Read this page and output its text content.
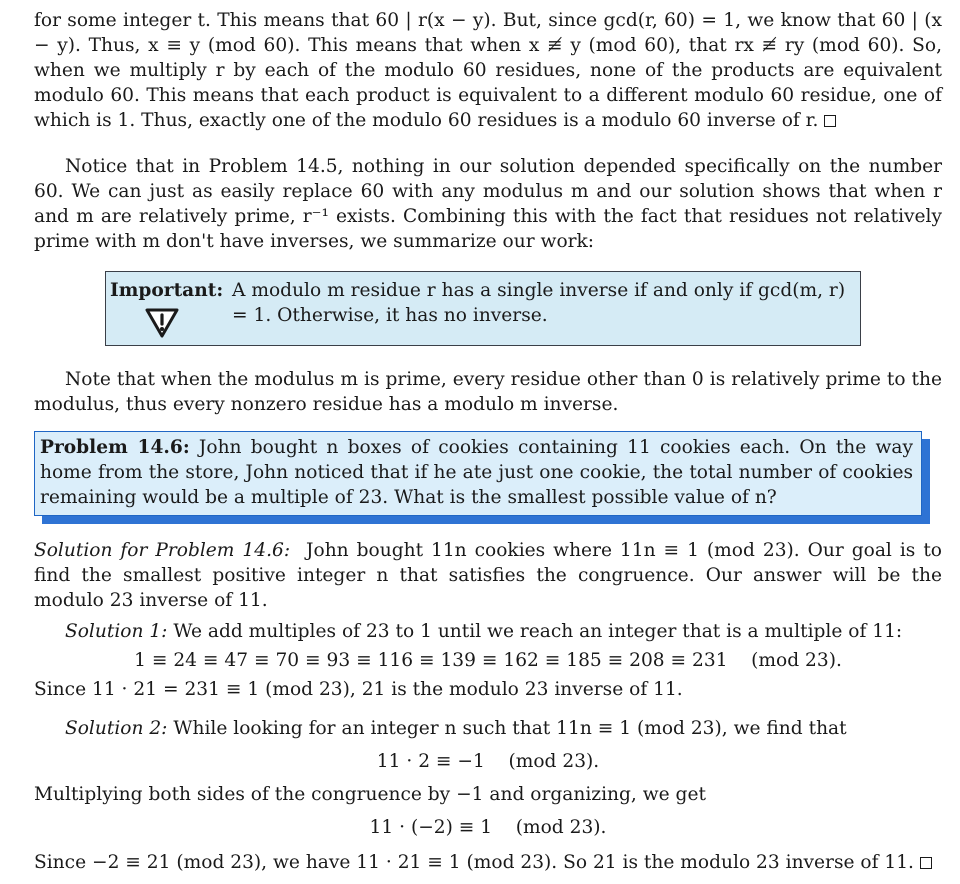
for some integer t. This means that 60 | r(x − y). But, since gcd(r, 60) = 1, we know that 60 | (x − y). Thus, x ≡ y (mod 60). This means that when x ≢ y (mod 60), that rx ≢ ry (mod 60). So, when we multiply r by each of the modulo 60 residues, none of the products are equivalent modulo 60. This means that each product is equivalent to a different modulo 60 residue, one of which is 1. Thus, exactly one of the modulo 60 residues is a modulo 60 inverse of r.

Notice that in Problem 14.5, nothing in our solution depended specifically on the number 60. We can just as easily replace 60 with any modulus m and our solution shows that when r and m are relatively prime, r⁻¹ exists. Combining this with the fact that residues not relatively prime with m don't have inverses, we summarize our work:

Important: A modulo m residue r has a single inverse if and only if gcd(m, r) = 1. Otherwise, it has no inverse.

Note that when the modulus m is prime, every residue other than 0 is relatively prime to the modulus, thus every nonzero residue has a modulo m inverse.

Problem 14.6: John bought n boxes of cookies containing 11 cookies each. On the way home from the store, John noticed that if he ate just one cookie, the total number of cookies remaining would be a multiple of 23. What is the smallest possible value of n?

Solution for Problem 14.6: John bought 11n cookies where 11n ≡ 1 (mod 23). Our goal is to find the smallest positive integer n that satisfies the congruence. Our answer will be the modulo 23 inverse of 11.

Solution 1: We add multiples of 23 to 1 until we reach an integer that is a multiple of 11:

1 ≡ 24 ≡ 47 ≡ 70 ≡ 93 ≡ 116 ≡ 139 ≡ 162 ≡ 185 ≡ 208 ≡ 231    (mod 23).

Since 11 · 21 = 231 ≡ 1 (mod 23), 21 is the modulo 23 inverse of 11.

Solution 2: While looking for an integer n such that 11n ≡ 1 (mod 23), we find that

11 · 2 ≡ −1    (mod 23).

Multiplying both sides of the congruence by −1 and organizing, we get

11 · (−2) ≡ 1    (mod 23).

Since −2 ≡ 21 (mod 23), we have 11 · 21 ≡ 1 (mod 23). So 21 is the modulo 23 inverse of 11.
